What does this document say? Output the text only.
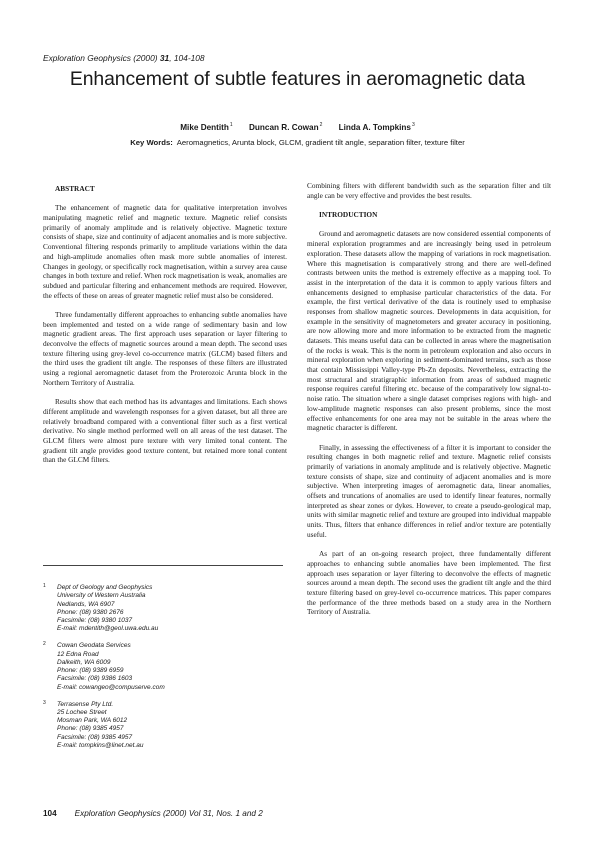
Exploration Geophysics (2000) 31, 104-108
Enhancement of subtle features in aeromagnetic data
Mike Dentith$^1$ Duncan R. Cowan$^2$ Linda A. Tompkins$^3$
Key Words: Aeromagnetics, Arunta block, GLCM, gradient tilt angle, separation filter, texture filter

ABSTRACT

The enhancement of magnetic data for qualitative interpretation involves manipulating magnetic relief and magnetic texture. Magnetic relief consists primarily of anomaly amplitude and is relatively objective. Magnetic texture consists of shape, size and continuity of adjacent anomalies and is more subjective. Conventional filtering responds primarily to amplitude variations within the data and high-amplitude anomalies often mask more subtle anomalies of interest. Changes in geology, or specifically rock magnetisation, within a survey area cause changes in both texture and relief. When rock magnetisation is weak, anomalies are subdued and particular filtering and enhancement methods are required. However, the effects of these on areas of greater magnetic relief must also be considered.

Three fundamentally different approaches to enhancing subtle anomalies have been implemented and tested on a wide range of sedimentary basin and low magnetic gradient areas. The first approach uses separation or layer filtering to deconvolve the effects of magnetic sources around a mean depth. The second uses texture filtering using grey-level co-occurrence matrix (GLCM) based filters and the third uses the gradient tilt angle. The responses of these filters are illustrated using a regional aeromagnetic dataset from the Proterozoic Arunta block in the Northern Territory of Australia.

Results show that each method has its advantages and limitations. Each shows different amplitude and wavelength responses for a given dataset, but all three are relatively broadband compared with a conventional filter such as a first vertical derivative. No single method performed well on all areas of the test dataset. The GLCM filters were almost pure texture with very limited tonal content. The gradient tilt angle provides good texture content, but retained more tonal content than the GLCM filters.

1 Dept of Geology and Geophysics
University of Western Australia
Nedlands, WA 6907
Phone: (08) 9380 2676
Facsimile: (08) 9380 1037
E-mail: mdentith@geol.uwa.edu.au
2 Cowan Geodata Services
12 Edna Road
Dalkeith, WA 6009
Phone: (08) 9389 6959
Facsimile: (08) 9386 1603
E-mail: cowangeo@compuserve.com
3 Terrasense Pty Ltd.
25 Lochee Street
Mosman Park, WA 6012
Phone: (08) 9385 4957
Facsimile: (08) 9385 4957
E-mail: tompkins@linet.net.au

Combining filters with different bandwidth such as the separation filter and tilt angle can be very effective and provides the best results.

INTRODUCTION

Ground and aeromagnetic datasets are now considered essential components of mineral exploration programmes and are increasingly being used in petroleum exploration. These datasets allow the mapping of variations in rock magnetisation. Where this magnetisation is comparatively strong and there are well-defined contrasts between units the method is extremely effective as a mapping tool. To assist in the interpretation of the data it is common to apply various filters and enhancements designed to emphasise particular characteristics of the data. For example, the first vertical derivative of the data is routinely used to emphasise responses from shallow magnetic sources. Developments in data acquisition, for example in the sensitivity of magnetometers and greater accuracy in positioning, are now allowing more and more information to be extracted from the magnetic datasets. This means useful data can be collected in areas where the magnetisation of the rocks is weak. This is the norm in petroleum exploration and also occurs in mineral exploration when exploring in sediment-dominated terrains, such as those that contain Mississippi Valley-type Pb-Zn deposits. Nevertheless, extracting the most structural and stratigraphic information from areas of subdued magnetic response requires careful filtering etc. because of the comparatively low signal-to-noise ratio. The situation where a single dataset comprises regions with high- and low-amplitude magnetic responses can also present problems, since the most effective enhancements for one area may not be suitable in the areas where the magnetic character is different.

Finally, in assessing the effectiveness of a filter it is important to consider the resulting changes in both magnetic relief and texture. Magnetic relief consists primarily of variations in anomaly amplitude and is relatively objective. Magnetic texture consists of shape, size and continuity of adjacent anomalies and is more subjective. When interpreting images of aeromagnetic data, linear anomalies, offsets and truncations of anomalies are used to identify linear features, normally interpreted as shear zones or dykes. However, to create a pseudo-geological map, units with similar magnetic relief and texture are grouped into individual mappable units. Thus, filters that enhance differences in relief and/or texture are potentially useful.

As part of an on-going research project, three fundamentally different approaches to enhancing subtle anomalies have been implemented. The first approach uses separation or layer filtering to deconvolve the effects of magnetic sources around a mean depth. The second uses the gradient tilt angle and the third texture filtering based on grey-level co-occurrence matrices. This paper compares the performance of the three methods based on a study area in the Northern Territory of Australia.

104 Exploration Geophysics (2000) Vol 31, Nos. 1 and 2
